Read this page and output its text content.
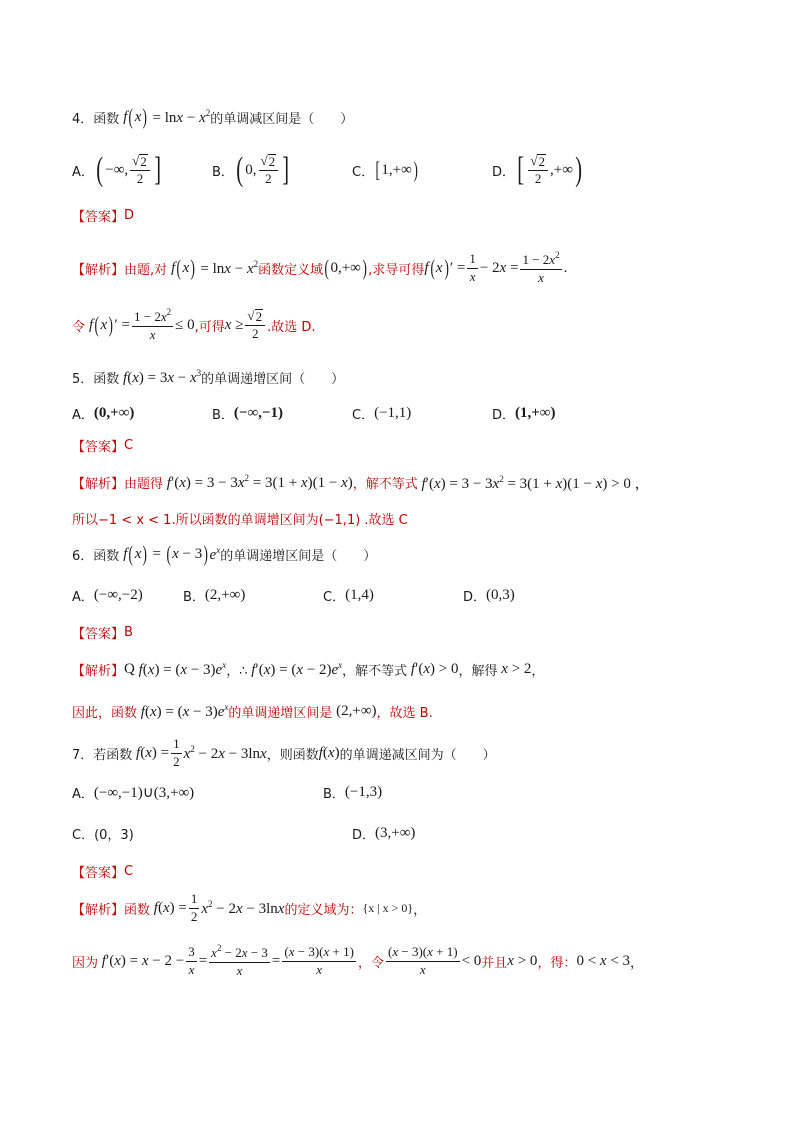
4．函数 f ( x ) = $\ln x - x^2$ 的单调减区间是（　　）
A． ( −∞, $\frac{√ 2}{2}$ ]	B． ( 0, $\frac{√ 2}{2}$ ]	C． [ 1,+∞ )	D． [ $\frac{√ 2}{2}$ ,+∞ )
【答案】 D
【解析】 由题,对 f ( x ) = $\ln x - x^2$ 函数定义域 ( 0,+∞ ) ,求导可得 f ( x ) ′ = $\frac{1}{x} - 2x = \frac{1 - 2x^2}{x}$ .
令 f ( x ) ′ = $\frac{1 - 2x^2}{x} \le 0$ ,可得 $x \ge \frac{√ 2}{2}$ .故选 D.
5．函数 $f(x) = 3x - x^3$ 的单调递增区间（　　）
A． (0,+∞)	B． (−∞,−1)	C． (−1,1)	D． (1,+∞)
【答案】 C
【解析】 由题得 $f'(x) = 3 - 3x^2 = 3(1 + x)(1 - x)$ ，解不等式 $f'(x) = 3 - 3x^2 = 3(1 + x)(1 - x) > 0$ ，
所以−1 < x < 1.所以函数的单调增区间为(−1,1) .故选 C
6．函数 f ( x ) = ( x − 3 ) $e^x$ 的单调递增区间是（　　）
A． (−∞,−2)	B． (2,+∞)	C． (1,4)	D． (0,3)
【答案】 B
【解析】 Q $f(x) = (x - 3)e^x$ ，∴ $f'(x) = (x - 2)e^x$ ，解不等式 f′(x) > 0 ，解得 x > 2 ，
因此，函数 $f(x) = (x - 3)e^x$ 的单调递增区间是 (2,+∞) ，故选 B.
7．若函数 $f(x) = \frac{1}{2} x^2 - 2x - 3\ln x$ ，则函数 f(x) 的单调递减区间为（　　）
A． (−∞,−1)∪(3,+∞)	B． (−1,3)
C．(0，3)	D． (3,+∞)
【答案】 C
【解析】 函数 $f(x) = \frac{1}{2} x^2 - 2x - 3\ln x$ 的定义域为： {x | x > 0} ，
因为 $f'(x) = x - 2 - \frac{3}{x} = \frac{x^2 - 2x - 3}{x} = \frac{(x - 3)(x + 1)}{x}$ ，令 $\frac{(x - 3)(x + 1)}{x} < 0$ 并且 x > 0 ，得： 0 < x < 3 ，
